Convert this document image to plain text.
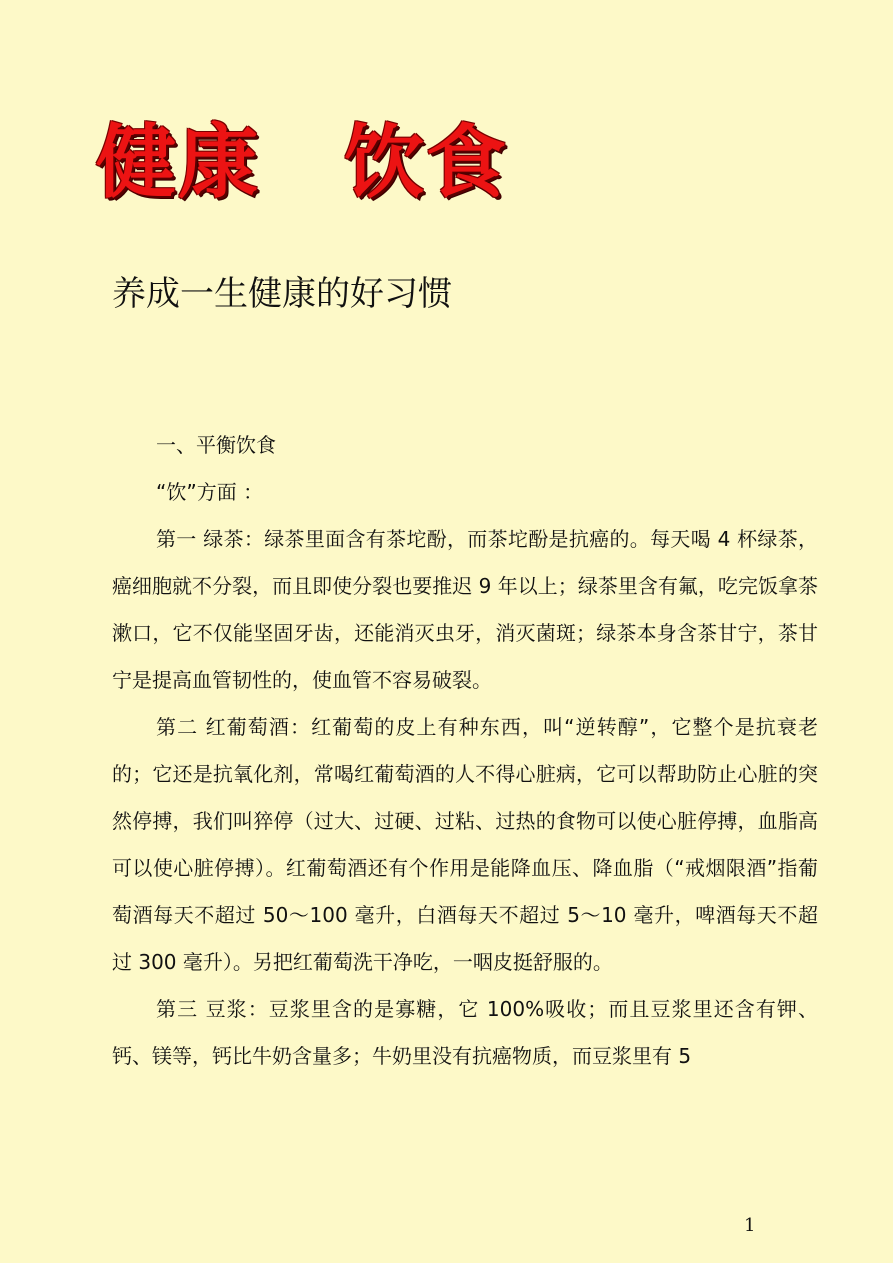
健康 饮食
养成一生健康的好习惯

一、平衡饮食

“饮”方面 ：

第一 绿茶：绿茶里面含有茶坨酚，而茶坨酚是抗癌的。每天喝 4 杯绿茶，癌细胞就不分裂，而且即使分裂也要推迟 9 年以上；绿茶里含有氟，吃完饭拿茶漱口，它不仅能坚固牙齿，还能消灭虫牙，消灭菌斑；绿茶本身含茶甘宁，茶甘宁是提高血管韧性的，使血管不容易破裂。

第二 红葡萄酒：红葡萄的皮上有种东西，叫“逆转醇”，它整个是抗衰老的；它还是抗氧化剂，常喝红葡萄酒的人不得心脏病，它可以帮助防止心脏的突然停搏，我们叫猝停（过大、过硬、过粘、过热的食物可以使心脏停搏，血脂高可以使心脏停搏）。红葡萄酒还有个作用是能降血压、降血脂（“戒烟限酒”指葡萄酒每天不超过 50～100 毫升，白酒每天不超过 5～10 毫升，啤酒每天不超过 300 毫升）。另把红葡萄洗干净吃，一咽皮挺舒服的。

第三 豆浆：豆浆里含的是寡糖，它 100%吸收；而且豆浆里还含有钾、钙、镁等，钙比牛奶含量多；牛奶里没有抗癌物质，而豆浆里有 5

1
